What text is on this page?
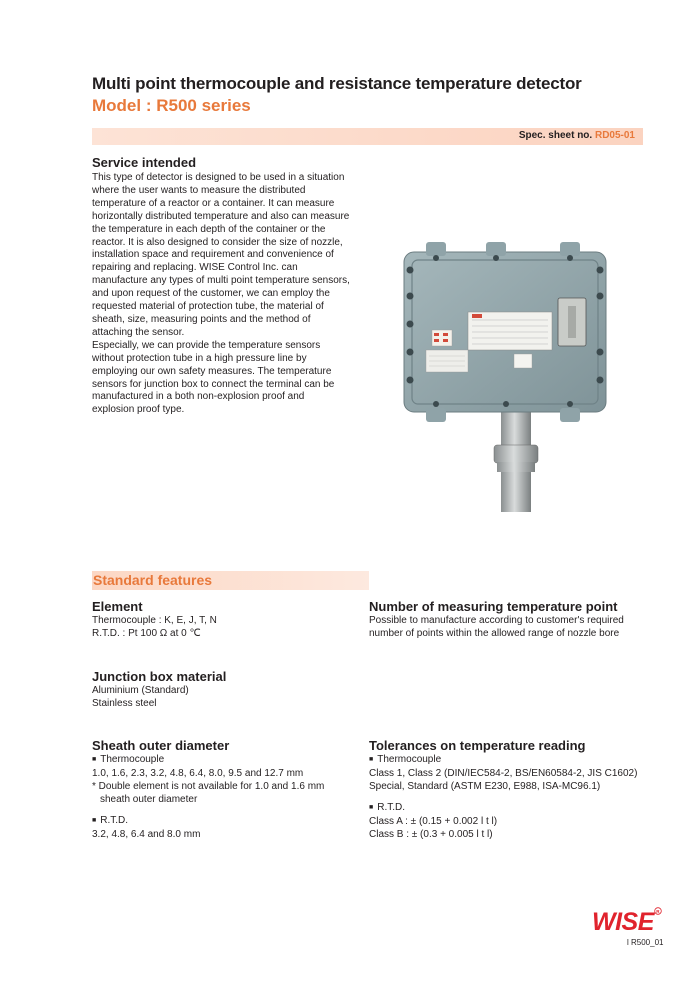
Multi point thermocouple and resistance temperature detector
Model : R500 series
Spec. sheet no. RD05-01
Service intended

This type of detector is designed to be used in a situation

where the user wants to measure the distributed

temperature of a reactor or a container. It can measure

horizontally distributed temperature and also can measure

the temperature in each depth of the container or the

reactor. It is also designed to consider the size of nozzle,

installation space and requirement and convenience of

repairing and replacing. WISE Control Inc. can

manufacture any types of multi point temperature sensors,

and upon request of the customer, we can employ the

requested material of protection tube, the material of

sheath, size, measuring points and the method of

attaching the sensor.

Especially, we can provide the temperature sensors

without protection tube in a high pressure line by

employing our own safety measures. The temperature

sensors for junction box to connect the terminal can be

manufactured in a both non-explosion proof and

explosion proof type.

Standard features
Element
Thermocouple : K, E, J, T, N
R.T.D. : Pt 100 Ω at 0 ℃
Number of measuring temperature point
Possible to manufacture according to customer's required
number of points within the allowed range of nozzle bore
Junction box material
Aluminium (Standard)
Stainless steel
Sheath outer diameter
■ Thermocouple
1.0, 1.6, 2.3, 3.2, 4.8, 6.4, 8.0, 9.5 and 12.7 mm
* Double element is not available for 1.0 and 1.6 mm sheath outer diameter
■ R.T.D.
3.2, 4.8, 6.4 and 8.0 mm
Tolerances on temperature reading
■ Thermocouple
Class 1, Class 2 (DIN/IEC584-2, BS/EN60584-2, JIS C1602)
Special, Standard (ASTM E230, E988, ISA-MC96.1)
■ R.T.D.
Class A : ± (0.15 + 0.002 l t l)
Class B : ± (0.3 + 0.005 l t l)
WISE R
l R500_01
